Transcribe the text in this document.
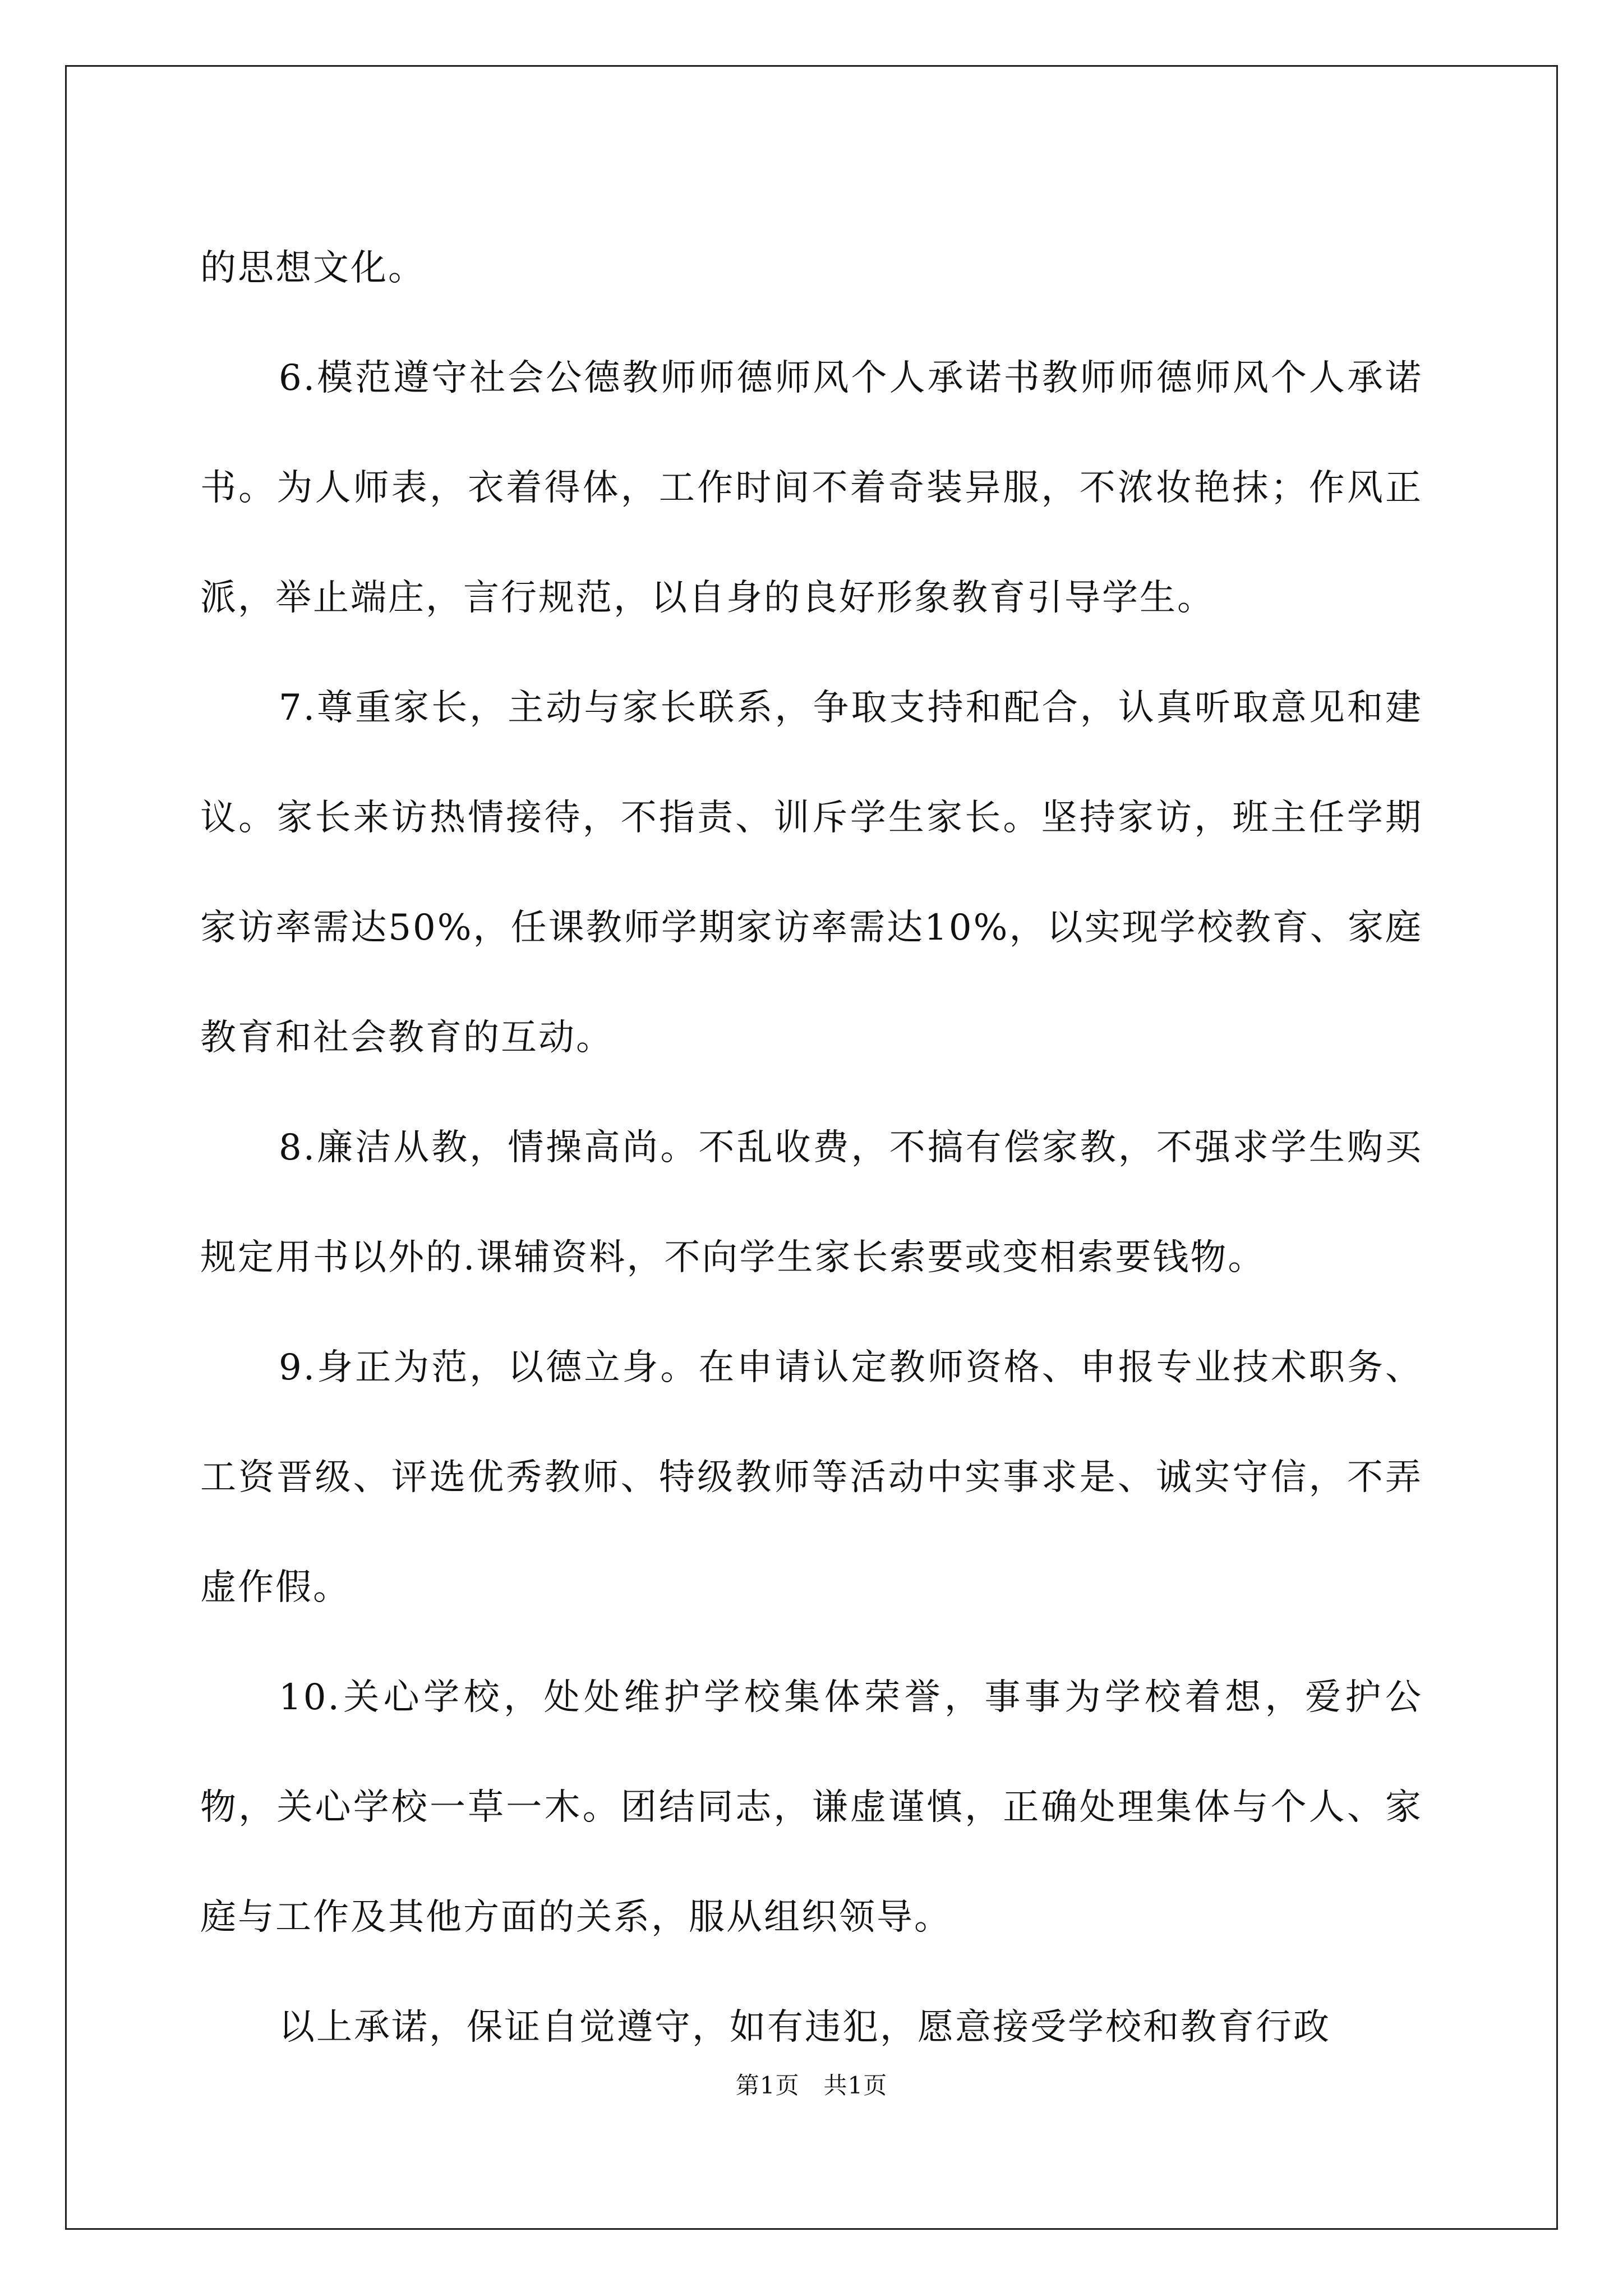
的思想文化。

6.模范遵守社会公德教师师德师风个人承诺书教师师德师风个人承诺书。为人师表，衣着得体，工作时间不着奇装异服，不浓妆艳抹；作风正派，举止端庄，言行规范，以自身的良好形象教育引导学生。

7.尊重家长，主动与家长联系，争取支持和配合，认真听取意见和建议。家长来访热情接待，不指责、训斥学生家长。坚持家访，班主任学期家访率需达50%，任课教师学期家访率需达10%，以实现学校教育、家庭教育和社会教育的互动。

8.廉洁从教，情操高尚。不乱收费，不搞有偿家教，不强求学生购买规定用书以外的.课辅资料，不向学生家长索要或变相索要钱物。

9.身正为范，以德立身。在申请认定教师资格、申报专业技术职务、工资晋级、评选优秀教师、特级教师等活动中实事求是、诚实守信，不弄虚作假。

10.关心学校，处处维护学校集体荣誉，事事为学校着想，爱护公物，关心学校一草一木。团结同志，谦虚谨慎，正确处理集体与个人、家庭与工作及其他方面的关系，服从组织领导。

以上承诺，保证自觉遵守，如有违犯，愿意接受学校和教育行政

第1页　共1页
